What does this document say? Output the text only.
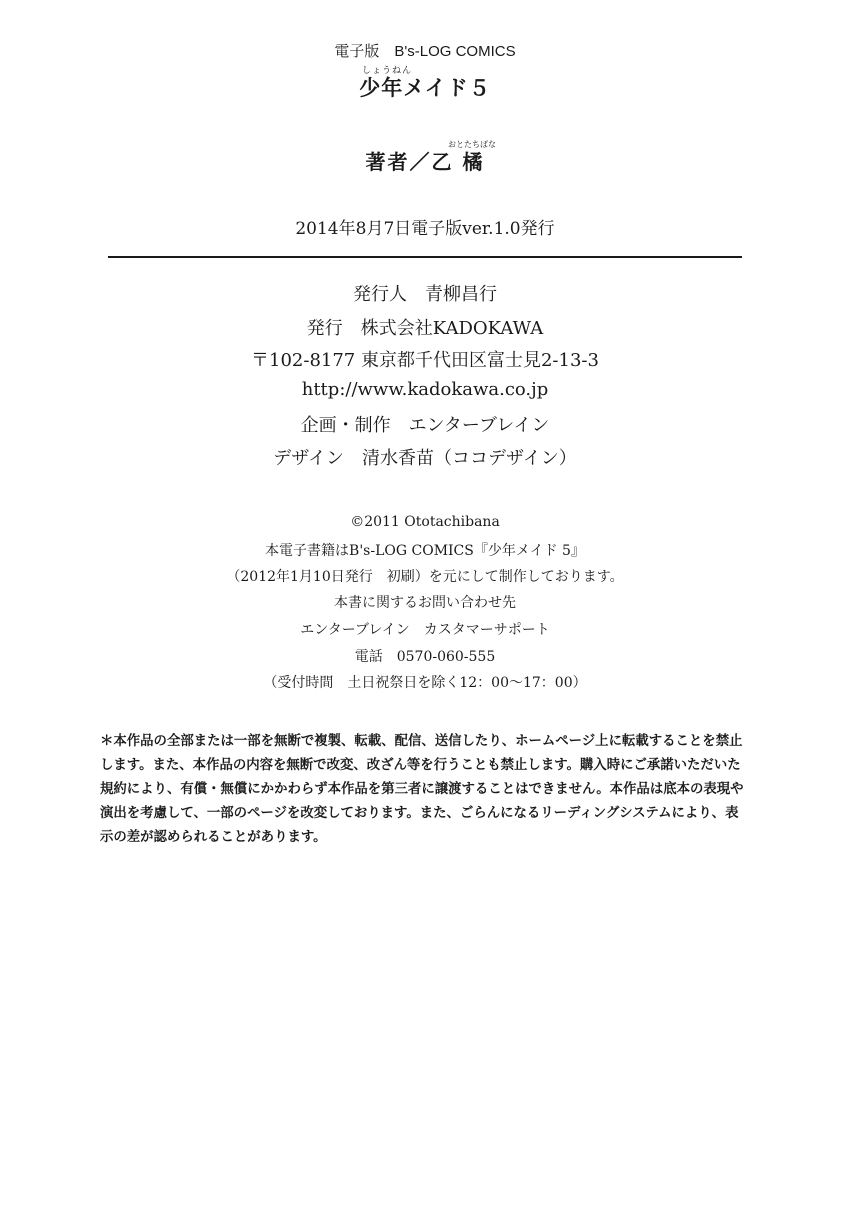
電子版　B's-LOG COMICS
しょうねん
少年メイド５
おとたちばな
著者／乙 橘
2014年8月7日電子版ver.1.0発行
発行人　青柳昌行
発行　株式会社KADOKAWA
〒102-8177 東京都千代田区富士見2-13-3
http://www.kadokawa.co.jp
企画・制作　エンターブレイン
デザイン　清水香苗（ココデザイン）
©2011 Ototachibana
本電子書籍はB's-LOG COMICS『少年メイド 5』
（2012年1月10日発行　初刷）を元にして制作しております。
本書に関するお問い合わせ先
エンターブレイン　カスタマーサポート
電話　0570-060-555
（受付時間　土日祝祭日を除く12：00〜17：00）
＊本作品の全部または一部を無断で複製、転載、配信、送信したり、ホームページ上に転載することを禁止
します。また、本作品の内容を無断で改変、改ざん等を行うことも禁止します。購入時にご承諾いただいた
規約により、有償・無償にかかわらず本作品を第三者に譲渡することはできません。本作品は底本の表現や
演出を考慮して、一部のページを改変しております。また、ごらんになるリーディングシステムにより、表
示の差が認められることがあります。
